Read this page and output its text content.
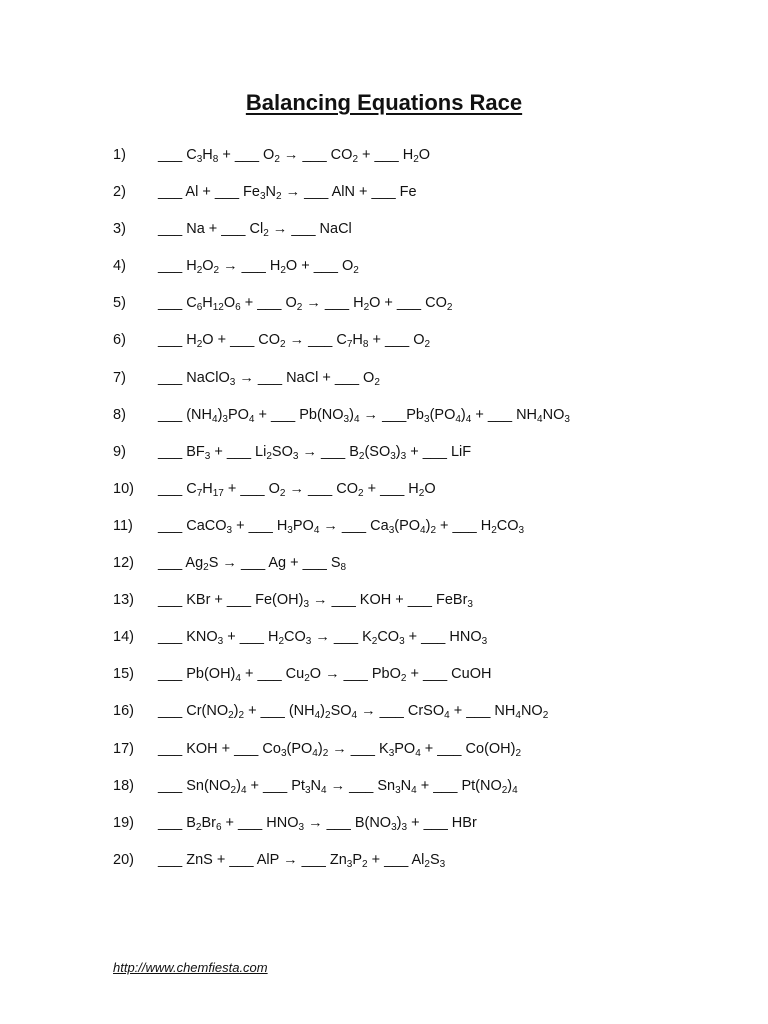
Balancing Equations Race
1) ___ $C_3H_8$ + ___ $O_2$ → ___ $CO_2$ + ___ $H_2O$
2) ___ Al + ___ $Fe_3N_2$ → ___ AlN + ___ Fe
3) ___ Na + ___ $Cl_2$ → ___ NaCl
4) ___ $H_2O_2$ → ___ $H_2O$ + ___ $O_2$
5) ___ $C_6H_{12}O_6$ + ___ $O_2$ → ___ $H_2O$ + ___ $CO_2$
6) ___ $H_2O$ + ___ $CO_2$ → ___ $C_7H_8$ + ___ $O_2$
7) ___ NaClO$_3$ → ___ NaCl + ___ $O_2$
8) ___ $(NH_4)_3PO_4$ + ___ $Pb(NO_3)_4$ → $\_\_\_Pb_3(PO_4)_4$ + ___ $NH_4NO_3$
9) ___ $BF_3$ + ___ $Li_2SO_3$ → ___ $B_2(SO_3)_3$ + ___ LiF
10) ___ $C_7H_{17}$ + ___ $O_2$ → ___ $CO_2$ + ___ $H_2O$
11) ___ CaCO$_3$ + ___ $H_3PO_4$ → ___ $Ca_3(PO_4)_2$ + ___ $H_2CO_3$
12) ___ $Ag_2S$ → ___ Ag + ___ $S_8$
13) ___ KBr + ___ $Fe(OH)_3$ → ___ KOH + ___ FeBr$_3$
14) ___ $KNO_3$ + ___ $H_2CO_3$ → ___ $K_2CO_3$ + ___ $HNO_3$
15) ___ $Pb(OH)_4$ + ___ $Cu_2O$ → ___ PbO$_2$ + ___ CuOH
16) ___ $Cr(NO_2)_2$ + ___ $(NH_4)_2SO_4$ → ___ CrSO$_4$ + ___ $NH_4NO_2$
17) ___ KOH + ___ $Co_3(PO_4)_2$ → ___ $K_3PO_4$ + ___ $Co(OH)_2$
18) ___ $Sn(NO_2)_4$ + ___ $Pt_3N_4$ → ___ $Sn_3N_4$ + ___ $Pt(NO_2)_4$
19) ___ $B_2Br_6$ + ___ $HNO_3$ → ___ $B(NO_3)_3$ + ___ HBr
20) ___ ZnS + ___ AlP → ___ $Zn_3P_2$ + ___ $Al_2S_3$
http://www.chemfiesta.com
